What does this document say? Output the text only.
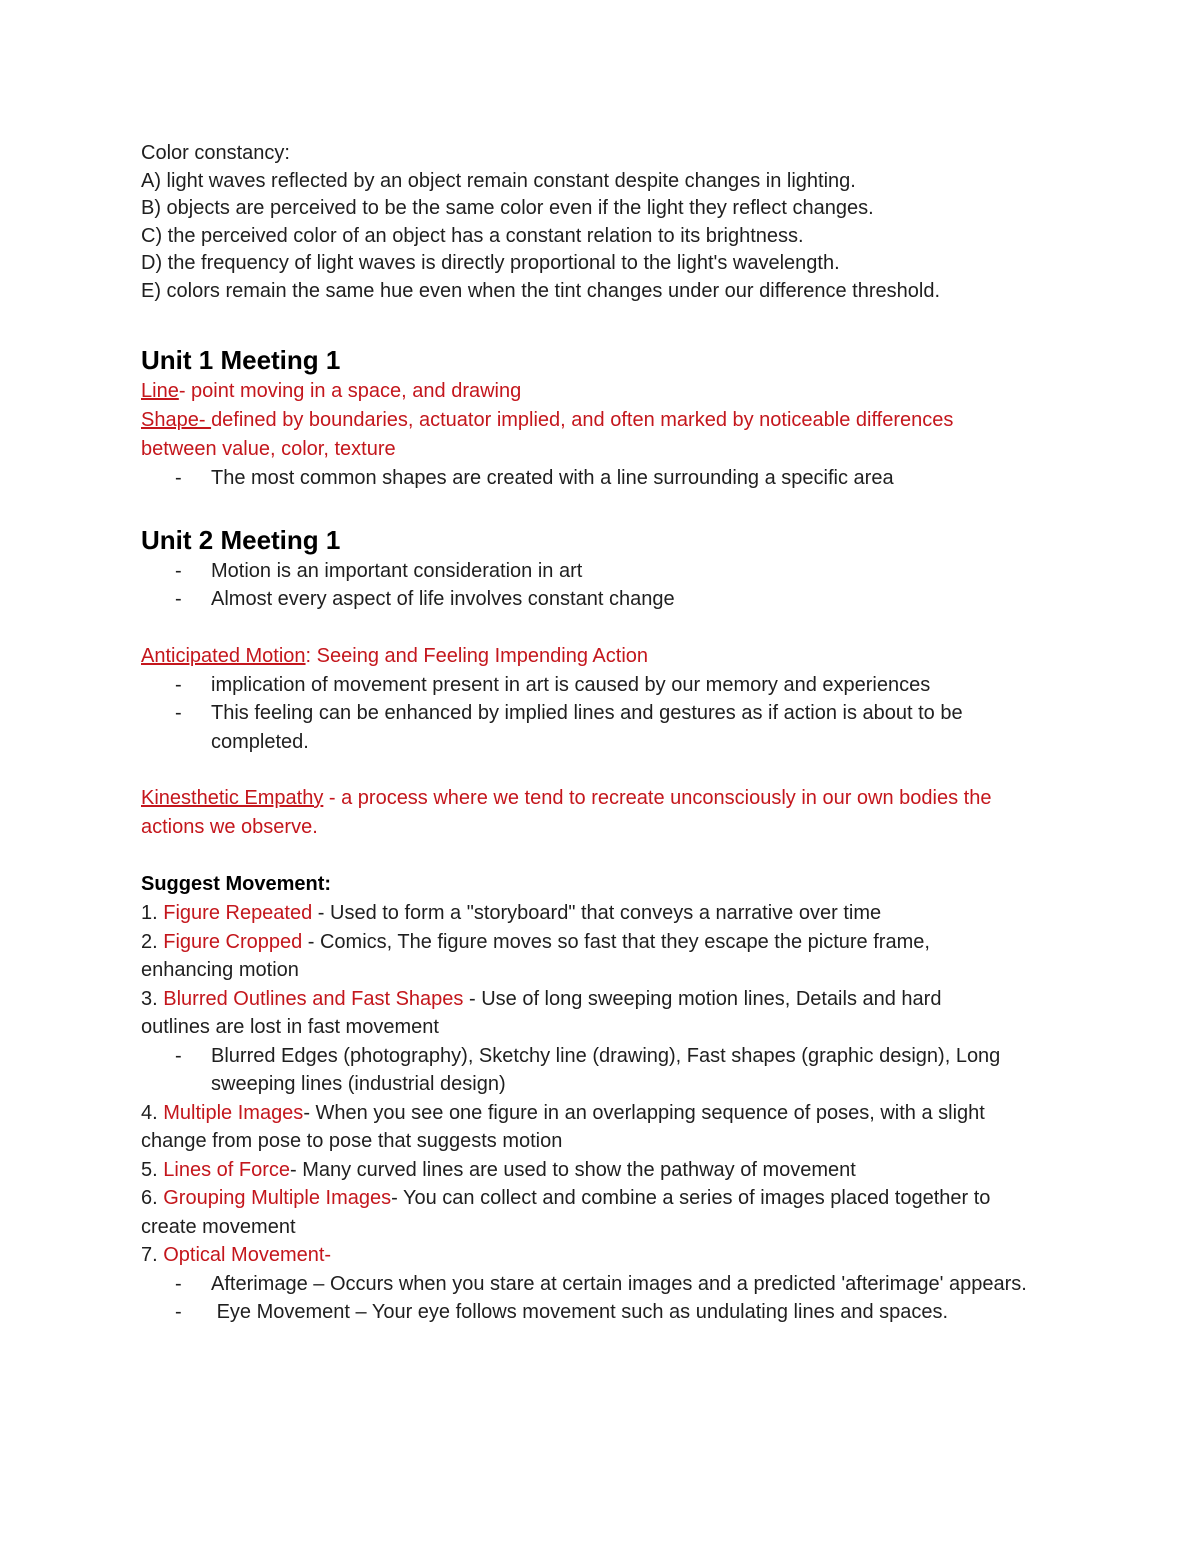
Color constancy:
A) light waves reflected by an object remain constant despite changes in lighting.
B) objects are perceived to be the same color even if the light they reflect changes.
C) the perceived color of an object has a constant relation to its brightness.
D) the frequency of light waves is directly proportional to the light's wavelength.
E) colors remain the same hue even when the tint changes under our difference threshold.
Unit 1 Meeting 1
Line- point moving in a space, and drawing
Shape- defined by boundaries, actuator implied, and often marked by noticeable differences
between value, color, texture
- The most common shapes are created with a line surrounding a specific area
Unit 2 Meeting 1
- Motion is an important consideration in art
- Almost every aspect of life involves constant change
Anticipated Motion: Seeing and Feeling Impending Action
- implication of movement present in art is caused by our memory and experiences
- This feeling can be enhanced by implied lines and gestures as if action is about to be completed.
Kinesthetic Empathy - a process where we tend to recreate unconsciously in our own bodies the
actions we observe.
Suggest Movement:
1. Figure Repeated - Used to form a "storyboard" that conveys a narrative over time
2. Figure Cropped - Comics, The figure moves so fast that they escape the picture frame,
enhancing motion
3. Blurred Outlines and Fast Shapes - Use of long sweeping motion lines, Details and hard
outlines are lost in fast movement
- Blurred Edges (photography), Sketchy line (drawing), Fast shapes (graphic design), Long sweeping lines (industrial design)
4. Multiple Images- When you see one figure in an overlapping sequence of poses, with a slight
change from pose to pose that suggests motion
5. Lines of Force- Many curved lines are used to show the pathway of movement
6. Grouping Multiple Images- You can collect and combine a series of images placed together to
create movement
7. Optical Movement-
- Afterimage – Occurs when you stare at certain images and a predicted 'afterimage' appears.
- Eye Movement – Your eye follows movement such as undulating lines and spaces.
